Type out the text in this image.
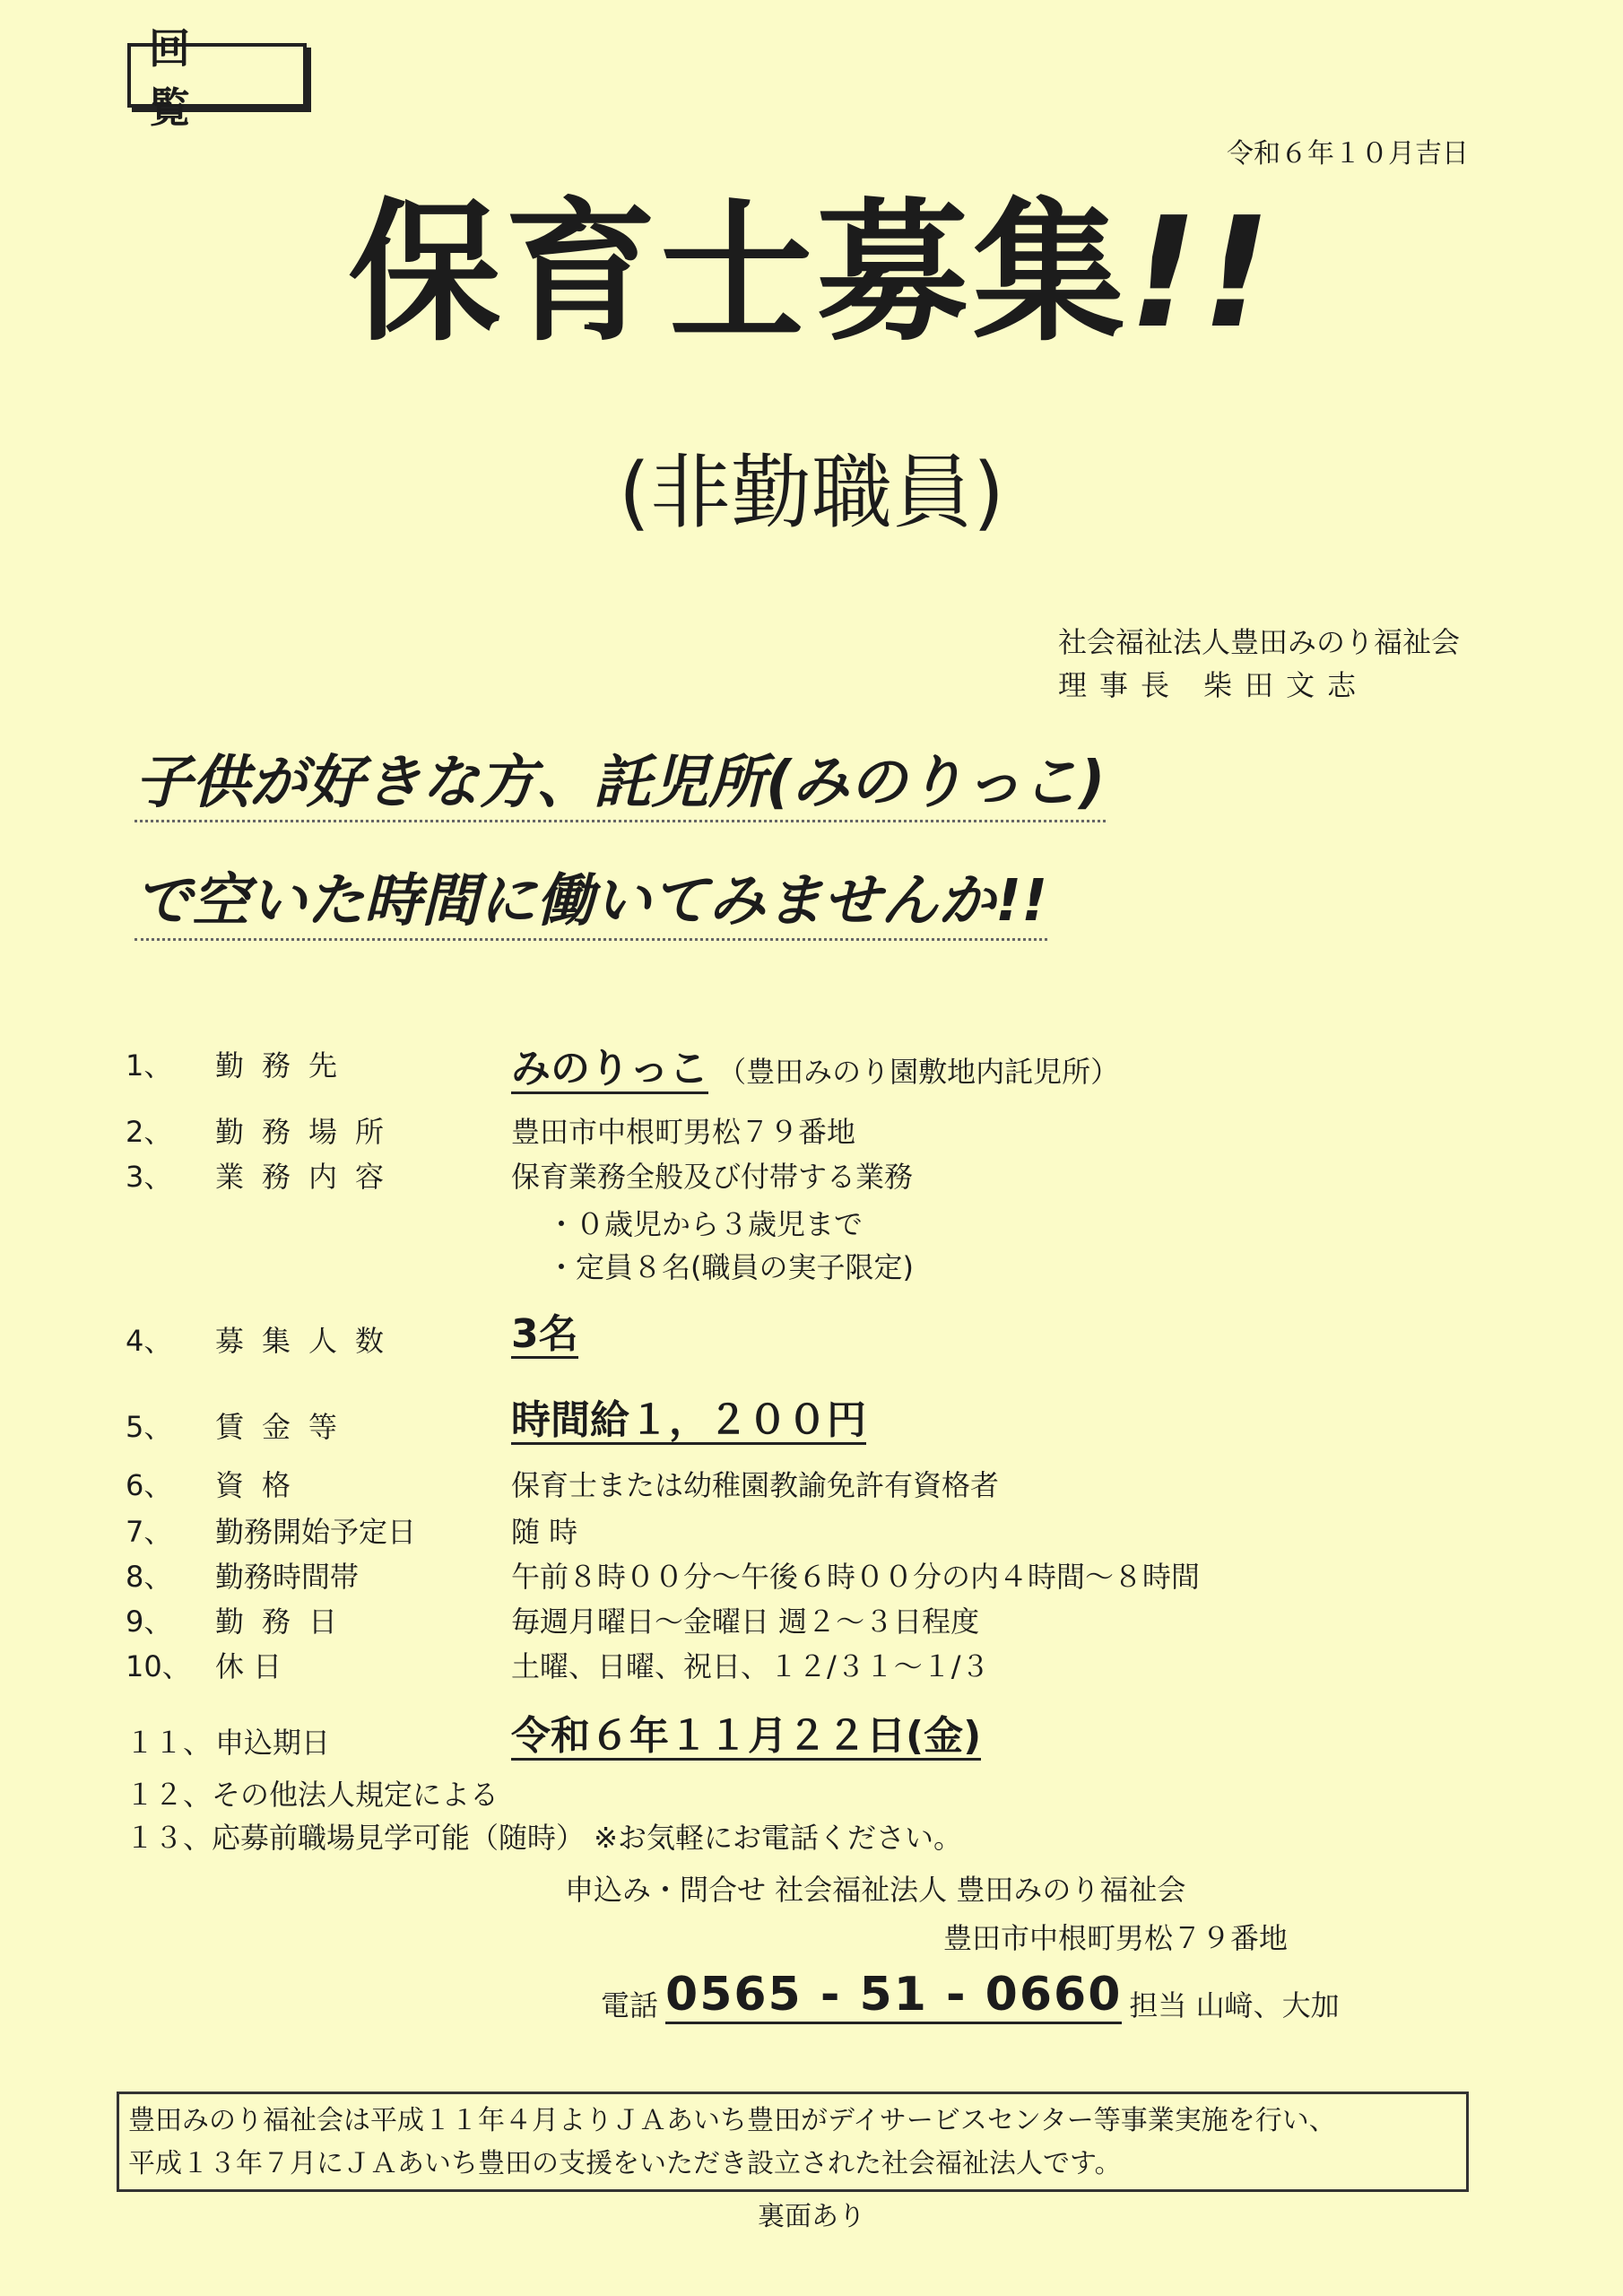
回 覧
令和６年１０月吉日
保育士募集!!
(非勤職員)
社会福祉法人豊田みのり福祉会
理事長 柴田文志
子供が好きな方、託児所(みのりっこ)
で空いた時間に働いてみませんか!!
1、	勤務先	みのりっこ （豊田みのり園敷地内託児所）
2、	勤務場所	豊田市中根町男松７９番地
3、	業務内容	保育業務全般及び付帯する業務
・０歳児から３歳児まで
・定員８名(職員の実子限定)
4、	募集人数	3名
5、	賃金等	時間給１，２００円
6、	資格	保育士または幼稚園教諭免許有資格者
7、	勤務開始予定日	随 時
8、	勤務時間帯	午前８時００分～午後６時００分の内４時間～８時間
9、	勤務日	毎週月曜日～金曜日 週２～３日程度
10、 休 日	土曜、日曜、祝日、１２/３１～１/３
１１、 申込期日	令和６年１１月２２日(金)
１２、その他法人規定による
１３、応募前職場見学可能（随時） ※お気軽にお電話ください。
申込み・問合せ 社会福祉法人 豊田みのり福祉会
豊田市中根町男松７９番地
電話 0565 - 51 - 0660 担当 山﨑、大加
豊田みのり福祉会は平成１１年４月よりＪＡあいち豊田がデイサービスセンター等事業実施を行い、
平成１３年７月にＪＡあいち豊田の支援をいただき設立された社会福祉法人です。
裏面あり
